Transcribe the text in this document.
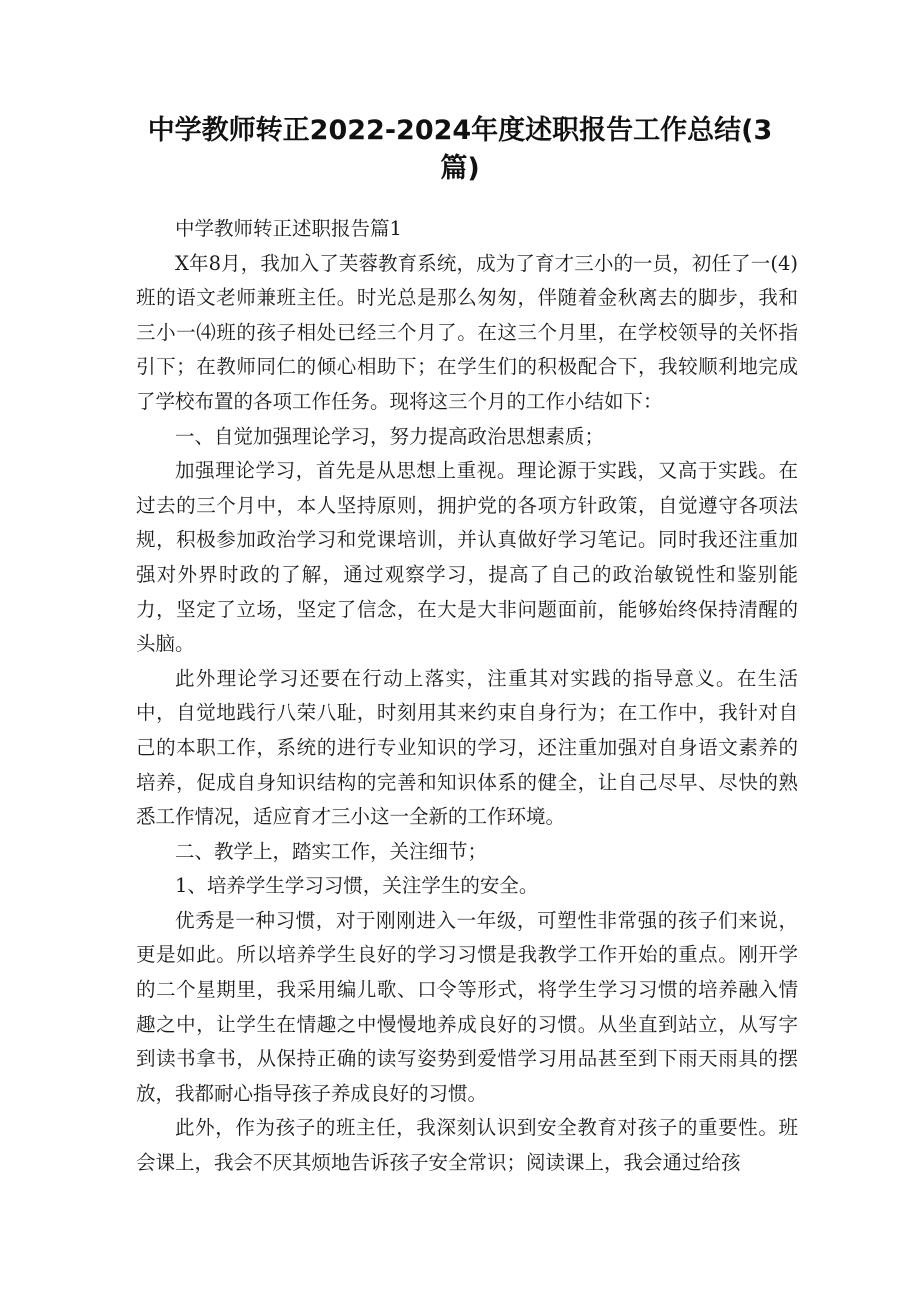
中学教师转正2022-2024年度述职报告工作总结(3
篇)

中学教师转正述职报告篇1

X年8月，我加入了芙蓉教育系统，成为了育才三小的一员，初任了一(4)班的语文老师兼班主任。时光总是那么匆匆，伴随着金秋离去的脚步，我和三小一⑷班的孩子相处已经三个月了。在这三个月里，在学校领导的关怀指引下；在教师同仁的倾心相助下；在学生们的积极配合下，我较顺利地完成了学校布置的各项工作任务。现将这三个月的工作小结如下：

一、自觉加强理论学习，努力提高政治思想素质；

加强理论学习，首先是从思想上重视。理论源于实践，又高于实践。在过去的三个月中，本人坚持原则，拥护党的各项方针政策，自觉遵守各项法规，积极参加政治学习和党课培训，并认真做好学习笔记。同时我还注重加强对外界时政的了解，通过观察学习，提高了自己的政治敏锐性和鉴别能力，坚定了立场，坚定了信念，在大是大非问题面前，能够始终保持清醒的头脑。

此外理论学习还要在行动上落实，注重其对实践的指导意义。在生活中，自觉地践行八荣八耻，时刻用其来约束自身行为；在工作中，我针对自己的本职工作，系统的进行专业知识的学习，还注重加强对自身语文素养的培养，促成自身知识结构的完善和知识体系的健全，让自己尽早、尽快的熟悉工作情况，适应育才三小这一全新的工作环境。

二、教学上，踏实工作，关注细节；

1、培养学生学习习惯，关注学生的安全。

优秀是一种习惯，对于刚刚进入一年级，可塑性非常强的孩子们来说，更是如此。所以培养学生良好的学习习惯是我教学工作开始的重点。刚开学的二个星期里，我采用编儿歌、口令等形式，将学生学习习惯的培养融入情趣之中，让学生在情趣之中慢慢地养成良好的习惯。从坐直到站立，从写字到读书拿书，从保持正确的读写姿势到爱惜学习用品甚至到下雨天雨具的摆放，我都耐心指导孩子养成良好的习惯。

此外，作为孩子的班主任，我深刻认识到安全教育对孩子的重要性。班会课上，我会不厌其烦地告诉孩子安全常识；阅读课上，我会通过给孩
